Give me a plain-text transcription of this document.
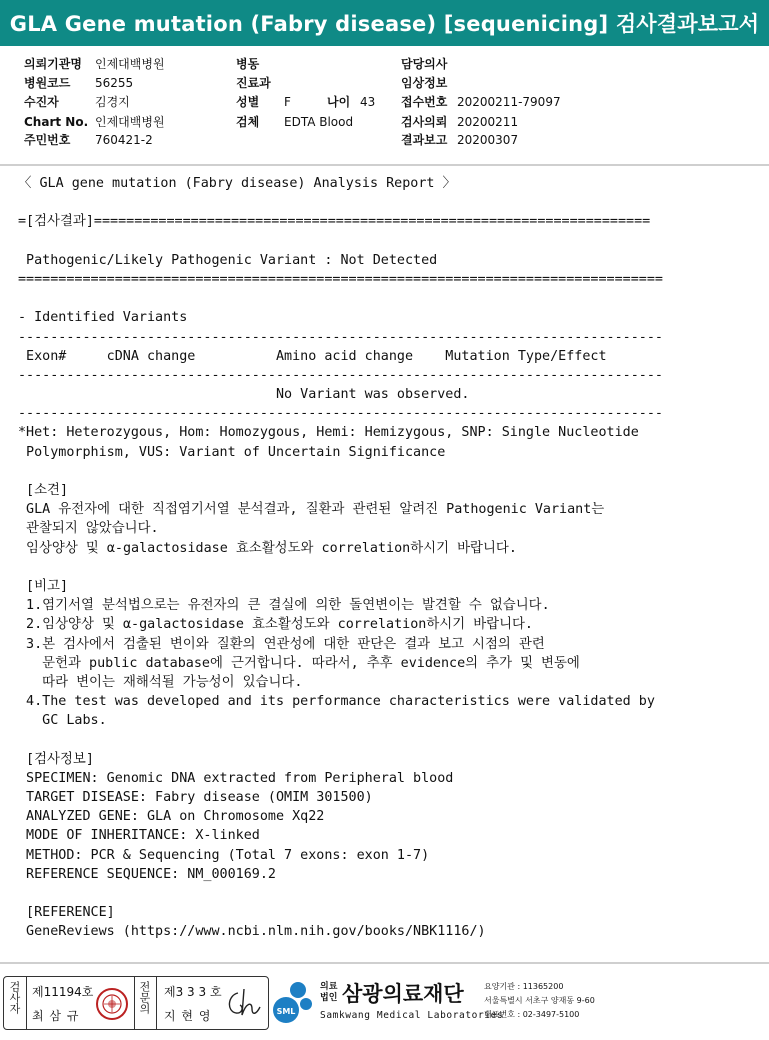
GLA Gene mutation (Fabry disease) [sequenicing] 검사결과보고서
의뢰기관명 인제대백병원
병원코드 56255
수진자	김경지
Chart No. 인제대백병원
주민번호 760421-2
병동
진료과
성별 F	나이 43
검체 EDTA Blood
담당의사
임상정보
접수번호 20200211-79097
검사의뢰 20200211
결과보고 20200307
〈 GLA gene mutation (Fabry disease) Analysis Report 〉
=[검사결과]=====================================================================
Pathogenic/Likely Pathogenic Variant : Not Detected
================================================================================
- Identified Variants
--------------------------------------------------------------------------------
Exon#     cDNA change          Amino acid change    Mutation Type/Effect
--------------------------------------------------------------------------------
No Variant was observed.
--------------------------------------------------------------------------------
*Het: Heterozygous, Hom: Homozygous, Hemi: Hemizygous, SNP: Single Nucleotide
Polymorphism, VUS: Variant of Uncertain Significance
[소견]
GLA 유전자에 대한 직접염기서열 분석결과, 질환과 관련된 알려진 Pathogenic Variant는
관찰되지 않았습니다.
임상양상 및 α-galactosidase 효소활성도와 correlation하시기 바랍니다.
[비고]
1.염기서열 분석법으로는 유전자의 큰 결실에 의한 돌연변이는 발견할 수 없습니다.
2.임상양상 및 α-galactosidase 효소활성도와 correlation하시기 바랍니다.
3.본 검사에서 검출된 변이와 질환의 연관성에 대한 판단은 결과 보고 시점의 관련
문헌과 public database에 근거합니다. 따라서, 추후 evidence의 추가 및 변동에
따라 변이는 재해석될 가능성이 있습니다.
4.The test was developed and its performance characteristics were validated by
GC Labs.
[검사정보]
SPECIMEN: Genomic DNA extracted from Peripheral blood
TARGET DISEASE: Fabry disease (OMIM 301500)
ANALYZED GENE: GLA on Chromosome Xq22
MODE OF INHERITANCE: X-linked
METHOD: PCR & Sequencing (Total 7 exons: exon 1-7)
REFERENCE SEQUENCE: NM_000169.2
[REFERENCE]
GeneReviews (https://www.ncbi.nlm.nih.gov/books/NBK1116/)
검사자 제11194호
최 삼 규
전문의 제3 3 3 호
지 현 영	SML
의료
법인 삼광의료재단
Samkwang Medical Laboratories
요양기관 : 11365200
서울특별시 서초구 양재동 9-60
대표번호 : 02-3497-5100
